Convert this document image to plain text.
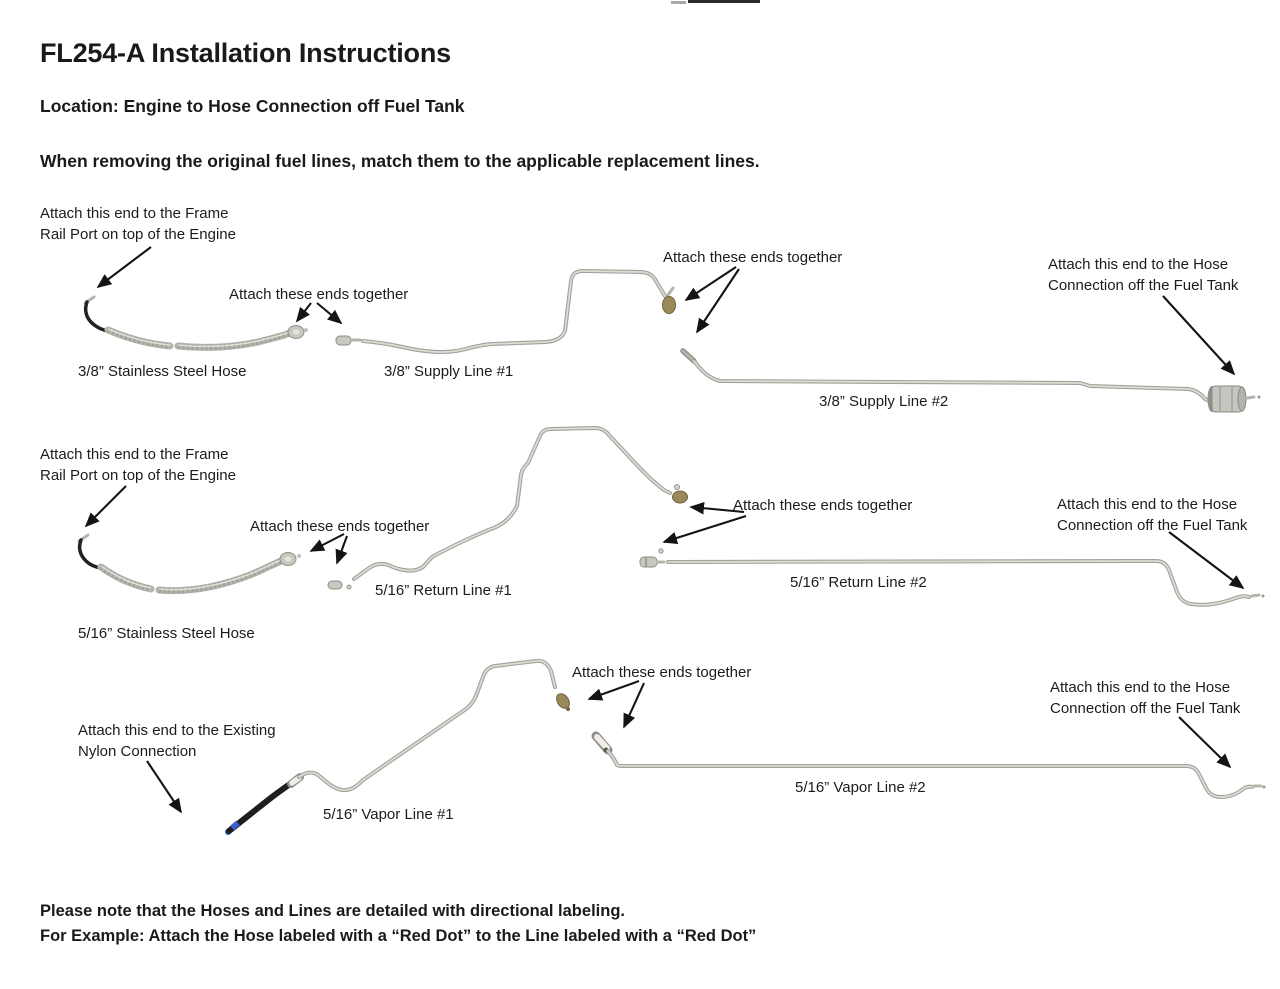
FL254-A Installation Instructions
Location: Engine to Hose Connection off Fuel Tank
When removing the original fuel lines, match them to the applicable replacement lines.
Attach this end to the Frame
Rail Port on top of the Engine
Attach these ends together
3/8” Stainless Steel Hose	3/8” Supply Line #1
Attach these ends together	Attach this end to the Hose
Connection off the Fuel Tank
3/8” Supply Line #2
Attach this end to the Frame
Rail Port on top of the Engine
Attach these ends together
5/16” Return Line #1
Attach these ends together
5/16” Return Line #2
Attach this end to the Hose
Connection off the Fuel Tank
5/16” Stainless Steel Hose
Attach these ends together
Attach this end to the Existing
Nylon Connection
Attach this end to the Hose
Connection off the Fuel Tank
5/16” Vapor Line #1
5/16” Vapor Line #2
Please note that the Hoses and Lines are detailed with directional labeling.
For Example: Attach the Hose labeled with a “Red Dot” to the Line labeled with a “Red Dot”
